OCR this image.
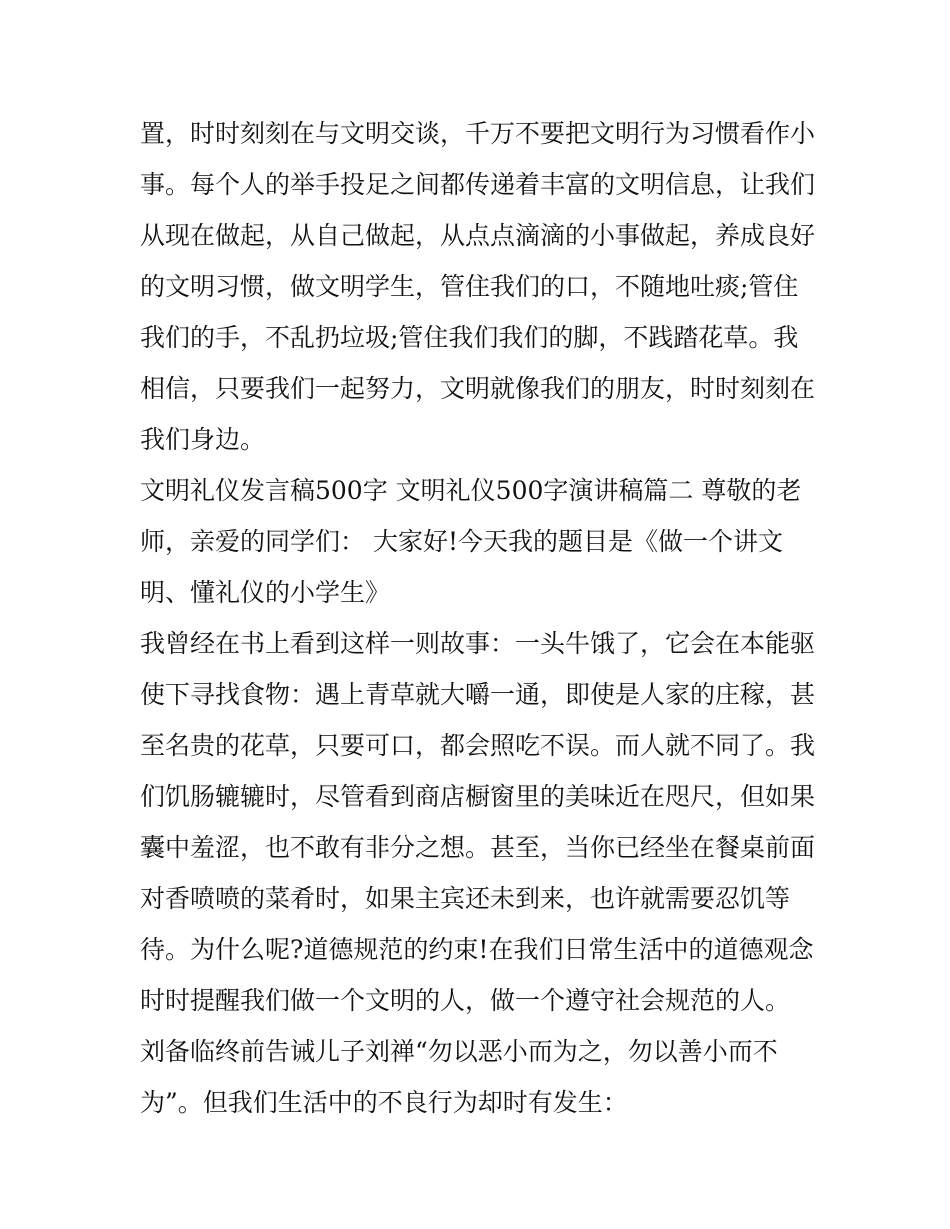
置，时时刻刻在与文明交谈，千万不要把文明行为习惯看作小
事。每个人的举手投足之间都传递着丰富的文明信息，让我们
从现在做起，从自己做起，从点点滴滴的小事做起，养成良好
的文明习惯，做文明学生，管住我们的口，不随地吐痰;管住
我们的手，不乱扔垃圾;管住我们我们的脚，不践踏花草。我
相信，只要我们一起努力，文明就像我们的朋友，时时刻刻在
我们身边。
文明礼仪发言稿500字 文明礼仪500字演讲稿篇二 尊敬的老
师，亲爱的同学们： 大家好!今天我的题目是《做一个讲文
明、懂礼仪的小学生》
我曾经在书上看到这样一则故事：一头牛饿了，它会在本能驱
使下寻找食物：遇上青草就大嚼一通，即使是人家的庄稼，甚
至名贵的花草，只要可口，都会照吃不误。而人就不同了。我
们饥肠辘辘时，尽管看到商店橱窗里的美味近在咫尺，但如果
囊中羞涩，也不敢有非分之想。甚至，当你已经坐在餐桌前面
对香喷喷的菜肴时，如果主宾还未到来，也许就需要忍饥等
待。为什么呢?道德规范的约束!在我们日常生活中的道德观念
时时提醒我们做一个文明的人，做一个遵守社会规范的人。
刘备临终前告诫儿子刘禅“勿以恶小而为之，勿以善小而不
为”。但我们生活中的不良行为却时有发生：
